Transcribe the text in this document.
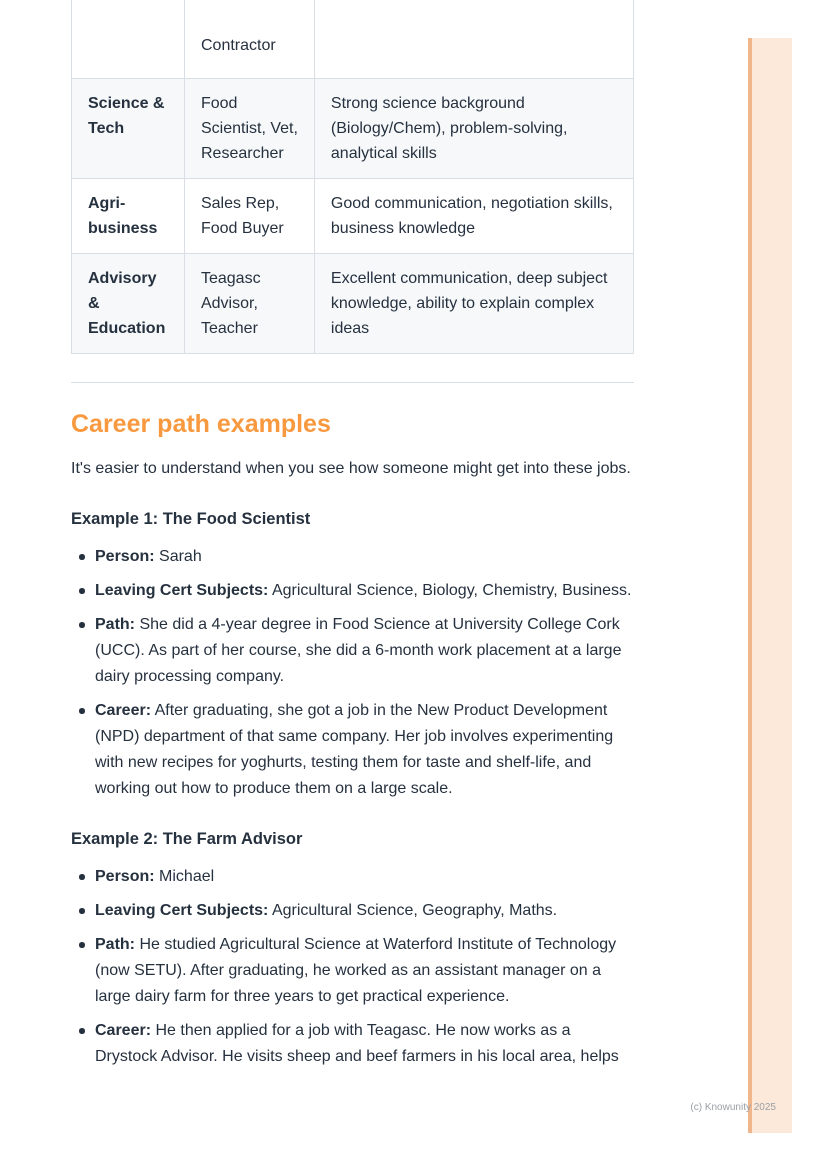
	Contractor	
Science & Tech	Food Scientist, Vet, Researcher	Strong science background (Biology/Chem), problem-solving, analytical skills
Agri-business	Sales Rep, Food Buyer	Good communication, negotiation skills, business knowledge
Advisory & Education	Teagasc Advisor, Teacher	Excellent communication, deep subject knowledge, ability to explain complex ideas
Career path examples

It's easier to understand when you see how someone might get into these jobs.

Example 1: The Food Scientist
Person: Sarah
Leaving Cert Subjects: Agricultural Science, Biology, Chemistry, Business.
Path: She did a 4-year degree in Food Science at University College Cork (UCC). As part of her course, she did a 6-month work placement at a large dairy processing company.
Career: After graduating, she got a job in the New Product Development (NPD) department of that same company. Her job involves experimenting with new recipes for yoghurts, testing them for taste and shelf-life, and working out how to produce them on a large scale.
Example 2: The Farm Advisor
Person: Michael
Leaving Cert Subjects: Agricultural Science, Geography, Maths.
Path: He studied Agricultural Science at Waterford Institute of Technology (now SETU). After graduating, he worked as an assistant manager on a large dairy farm for three years to get practical experience.
Career: He then applied for a job with Teagasc. He now works as a Drystock Advisor. He visits sheep and beef farmers in his local area, helps
(c) Knowunity 2025
